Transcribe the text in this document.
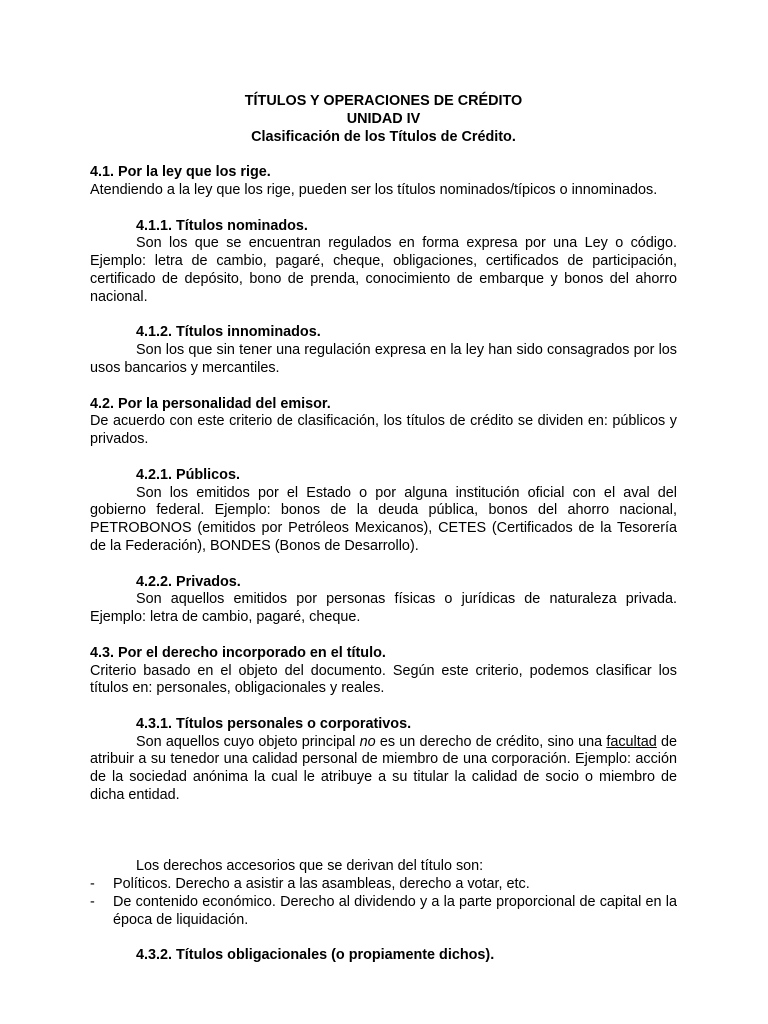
TÍTULOS Y OPERACIONES DE CRÉDITO
UNIDAD IV
Clasificación de los Títulos de Crédito.
4.1. Por la ley que los rige.

Atendiendo a la ley que los rige, pueden ser los títulos nominados/típicos o innominados.

4.1.1. Títulos nominados.

Son los que se encuentran regulados en forma expresa por una Ley o código. Ejemplo: letra de cambio, pagaré, cheque, obligaciones, certificados de participación, certificado de depósito, bono de prenda, conocimiento de embarque y bonos del ahorro nacional.

4.1.2. Títulos innominados.

Son los que sin tener una regulación expresa en la ley han sido consagrados por los usos bancarios y mercantiles.

4.2. Por la personalidad del emisor.

De acuerdo con este criterio de clasificación, los títulos de crédito se dividen en: públicos y privados.

4.2.1. Públicos.

Son los emitidos por el Estado o por alguna institución oficial con el aval del gobierno federal. Ejemplo: bonos de la deuda pública, bonos del ahorro nacional, PETROBONOS (emitidos por Petróleos Mexicanos), CETES (Certificados de la Tesorería de la Federación), BONDES (Bonos de Desarrollo).

4.2.2. Privados.

Son aquellos emitidos por personas físicas o jurídicas de naturaleza privada. Ejemplo: letra de cambio, pagaré, cheque.

4.3. Por el derecho incorporado en el título.

Criterio basado en el objeto del documento. Según este criterio, podemos clasificar los títulos en: personales, obligacionales y reales.

4.3.1. Títulos personales o corporativos.

Son aquellos cuyo objeto principal no es un derecho de crédito, sino una facultad de atribuir a su tenedor una calidad personal de miembro de una corporación. Ejemplo: acción de la sociedad anónima la cual le atribuye a su titular la calidad de socio o miembro de dicha entidad.

Los derechos accesorios que se derivan del título son:
-	Políticos. Derecho a asistir a las asambleas, derecho a votar, etc.
-	De contenido económico. Derecho al dividendo y a la parte proporcional de capital en la época de liquidación.
4.3.2. Títulos obligacionales (o propiamente dichos).
